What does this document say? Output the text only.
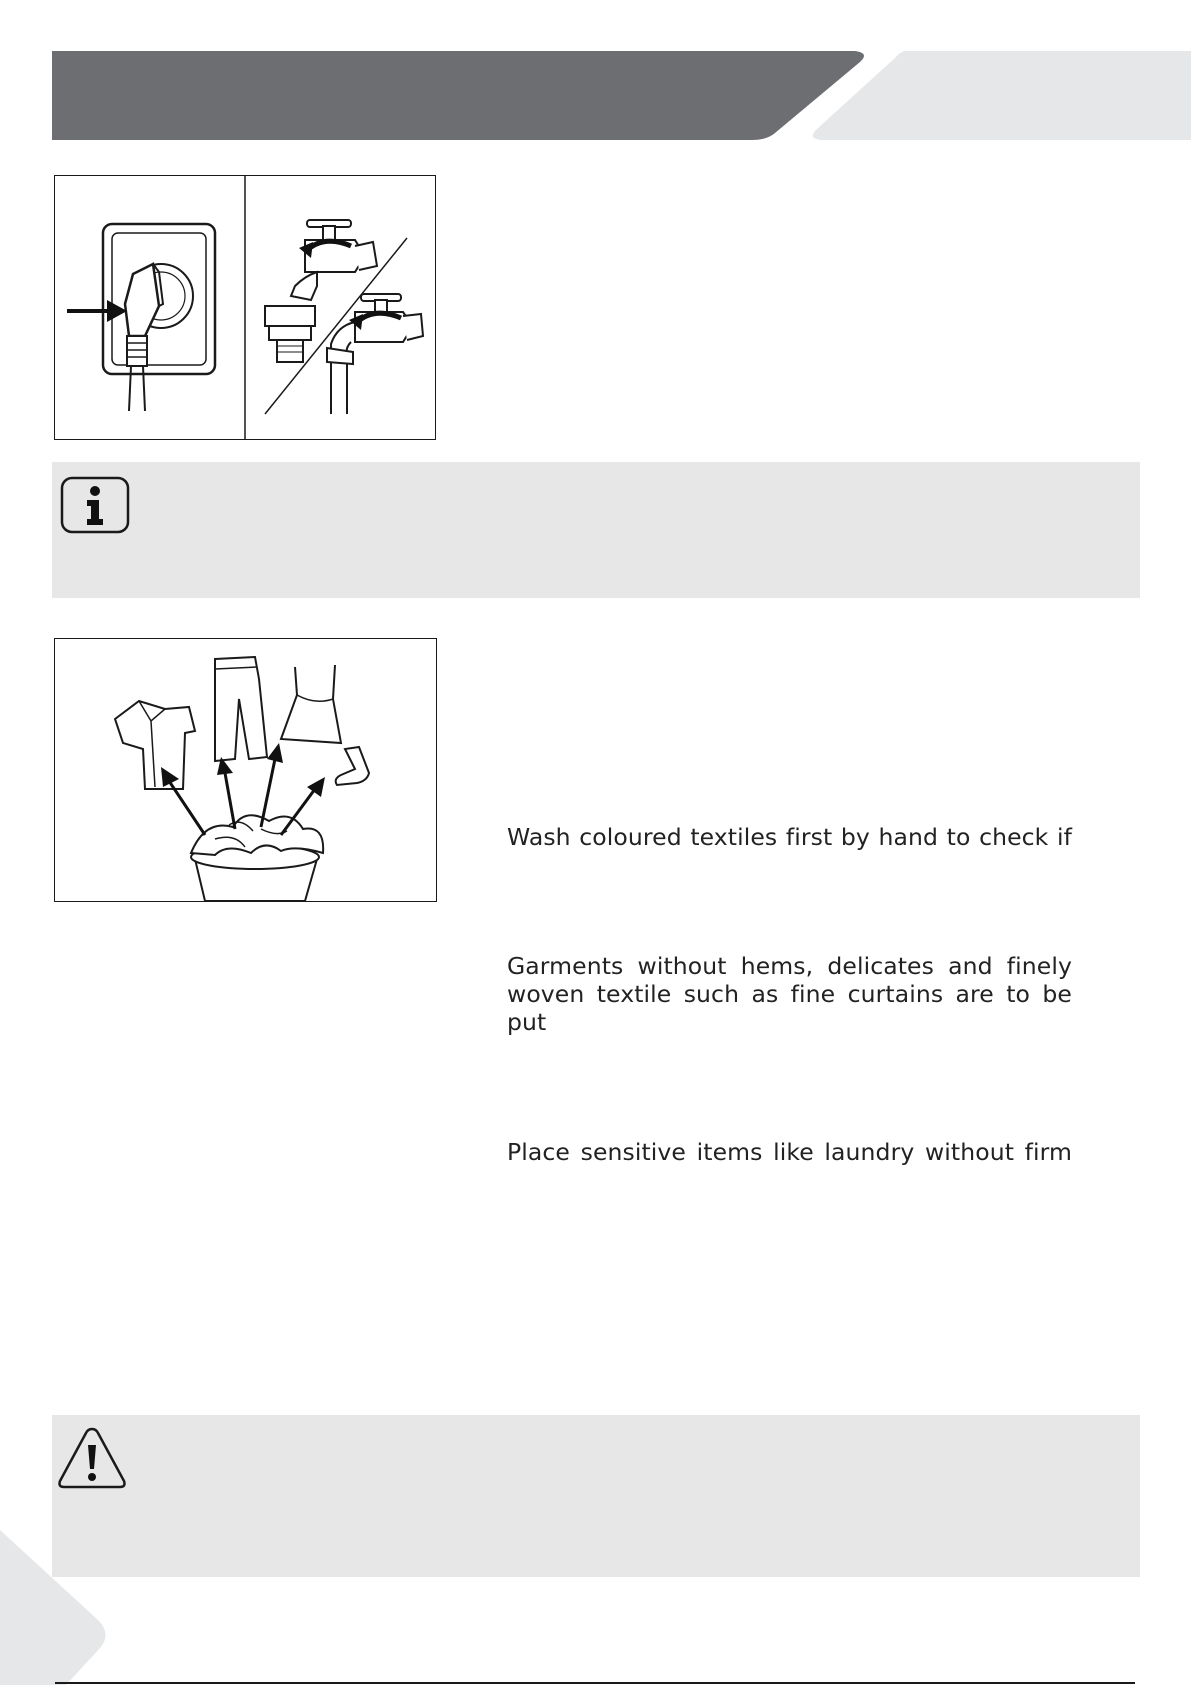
Wash coloured textiles first by hand to check if
Garments without hems, delicates and finely
woven textile such as fine curtains are to be put
Place sensitive items like laundry without firm
